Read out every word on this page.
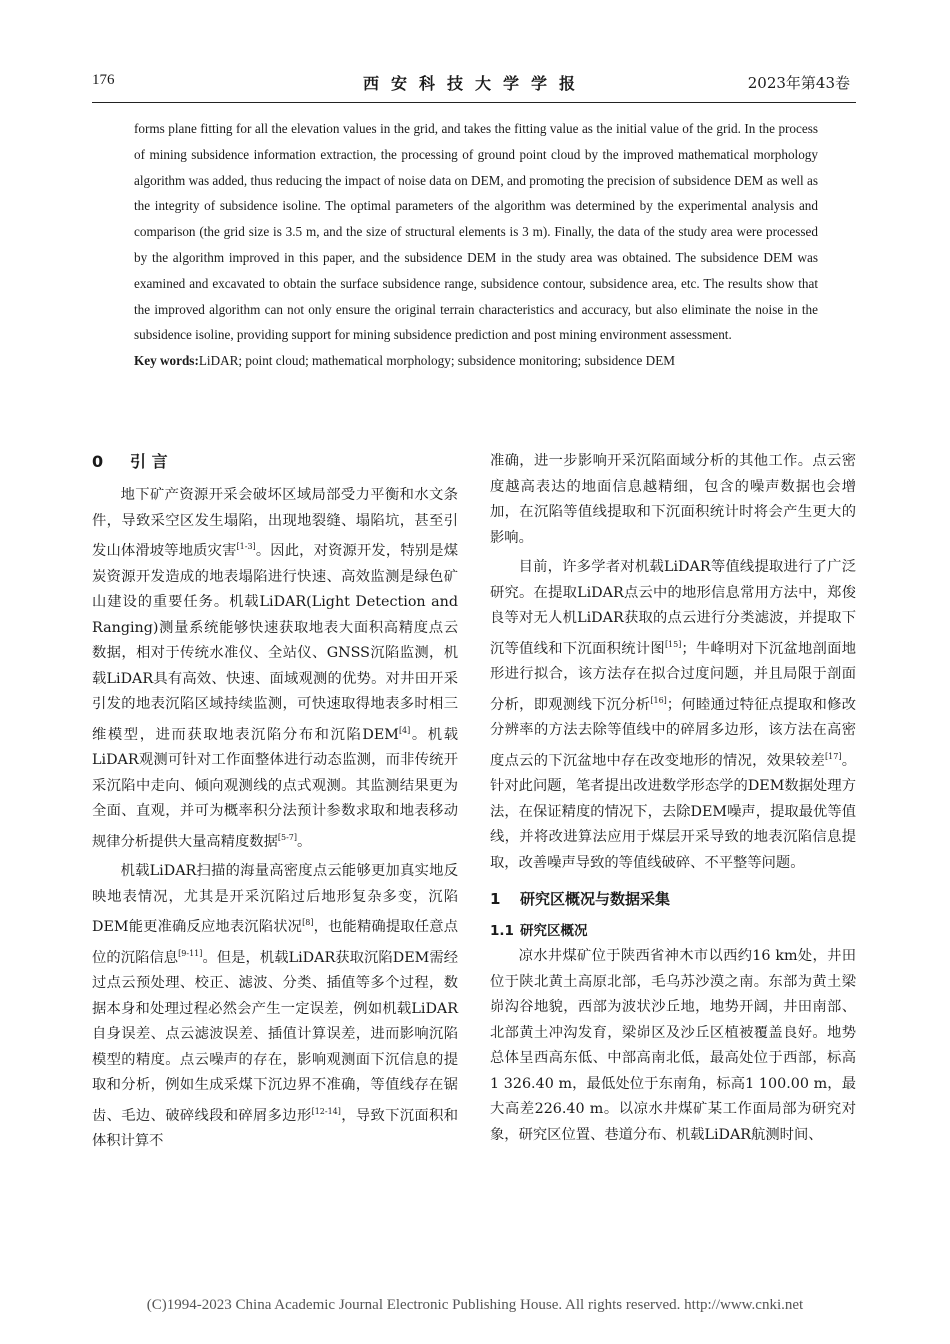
176	西安科技大学学报	2023年第43卷

forms plane fitting for all the elevation values in the grid, and takes the fitting value as the initial value of the grid. In the process of mining subsidence information extraction, the processing of ground point cloud by the improved mathematical morphology algorithm was added, thus reducing the impact of noise data on DEM, and promoting the precision of subsidence DEM as well as the integrity of subsidence isoline. The optimal parameters of the algorithm was determined by the experimental analysis and comparison (the grid size is 3.5 m, and the size of structural elements is 3 m). Finally, the data of the study area were processed by the algorithm improved in this paper, and the subsidence DEM in the study area was obtained. The subsidence DEM was examined and excavated to obtain the surface subsidence range, subsidence contour, subsidence area, etc. The results show that the improved algorithm can not only ensure the original terrain characteristics and accuracy, but also eliminate the noise in the subsidence isoline, providing support for mining subsidence prediction and post mining environment assessment.

Key words:LiDAR; point cloud; mathematical morphology; subsidence monitoring; subsidence DEM

0 引 言

地下矿产资源开采会破坏区域局部受力平衡和水文条件，导致采空区发生塌陷，出现地裂缝、塌陷坑，甚至引发山体滑坡等地质灾害[1-3]。因此，对资源开发，特别是煤炭资源开发造成的地表塌陷进行快速、高效监测是绿色矿山建设的重要任务。机载LiDAR(Light Detection and Ranging)测量系统能够快速获取地表大面积高精度点云数据，相对于传统水准仪、全站仪、GNSS沉陷监测，机载LiDAR具有高效、快速、面域观测的优势。对井田开采引发的地表沉陷区域持续监测，可快速取得地表多时相三维模型，进而获取地表沉陷分布和沉陷DEM[4]。机载LiDAR观测可针对工作面整体进行动态监测，而非传统开采沉陷中走向、倾向观测线的点式观测。其监测结果更为全面、直观，并可为概率积分法预计参数求取和地表移动规律分析提供大量高精度数据[5-7]。

机载LiDAR扫描的海量高密度点云能够更加真实地反映地表情况，尤其是开采沉陷过后地形复杂多变，沉陷DEM能更准确反应地表沉陷状况[8]，也能精确提取任意点位的沉陷信息[9-11]。但是，机载LiDAR获取沉陷DEM需经过点云预处理、校正、滤波、分类、插值等多个过程，数据本身和处理过程必然会产生一定误差，例如机载LiDAR自身误差、点云滤波误差、插值计算误差，进而影响沉陷模型的精度。点云噪声的存在，影响观测面下沉信息的提取和分析，例如生成采煤下沉边界不准确，等值线存在锯齿、毛边、破碎线段和碎屑多边形[12-14]，导致下沉面积和体积计算不

准确，进一步影响开采沉陷面域分析的其他工作。点云密度越高表达的地面信息越精细，包含的噪声数据也会增加，在沉陷等值线提取和下沉面积统计时将会产生更大的影响。

目前，许多学者对机载LiDAR等值线提取进行了广泛研究。在提取LiDAR点云中的地形信息常用方法中，郑俊良等对无人机LiDAR获取的点云进行分类滤波，并提取下沉等值线和下沉面积统计图[15]；牛峰明对下沉盆地剖面地形进行拟合，该方法存在拟合过度问题，并且局限于剖面分析，即观测线下沉分析[16]；何睦通过特征点提取和修改分辨率的方法去除等值线中的碎屑多边形，该方法在高密度点云的下沉盆地中存在改变地形的情况，效果较差[17]。针对此问题，笔者提出改进数学形态学的DEM数据处理方法，在保证精度的情况下，去除DEM噪声，提取最优等值线，并将改进算法应用于煤层开采导致的地表沉陷信息提取，改善噪声导致的等值线破碎、不平整等问题。

1 研究区概况与数据采集
1.1 研究区概况

凉水井煤矿位于陕西省神木市以西约16 km处，井田位于陕北黄土高原北部，毛乌苏沙漠之南。东部为黄土梁峁沟谷地貌，西部为波状沙丘地，地势开阔，井田南部、北部黄土冲沟发育，梁峁区及沙丘区植被覆盖良好。地势总体呈西高东低、中部高南北低，最高处位于西部，标高1 326.40 m，最低处位于东南角，标高1 100.00 m，最大高差226.40 m。以凉水井煤矿某工作面局部为研究对象，研究区位置、巷道分布、机载LiDAR航测时间、

(C)1994-2023 China Academic Journal Electronic Publishing House. All rights reserved. http://www.cnki.net
